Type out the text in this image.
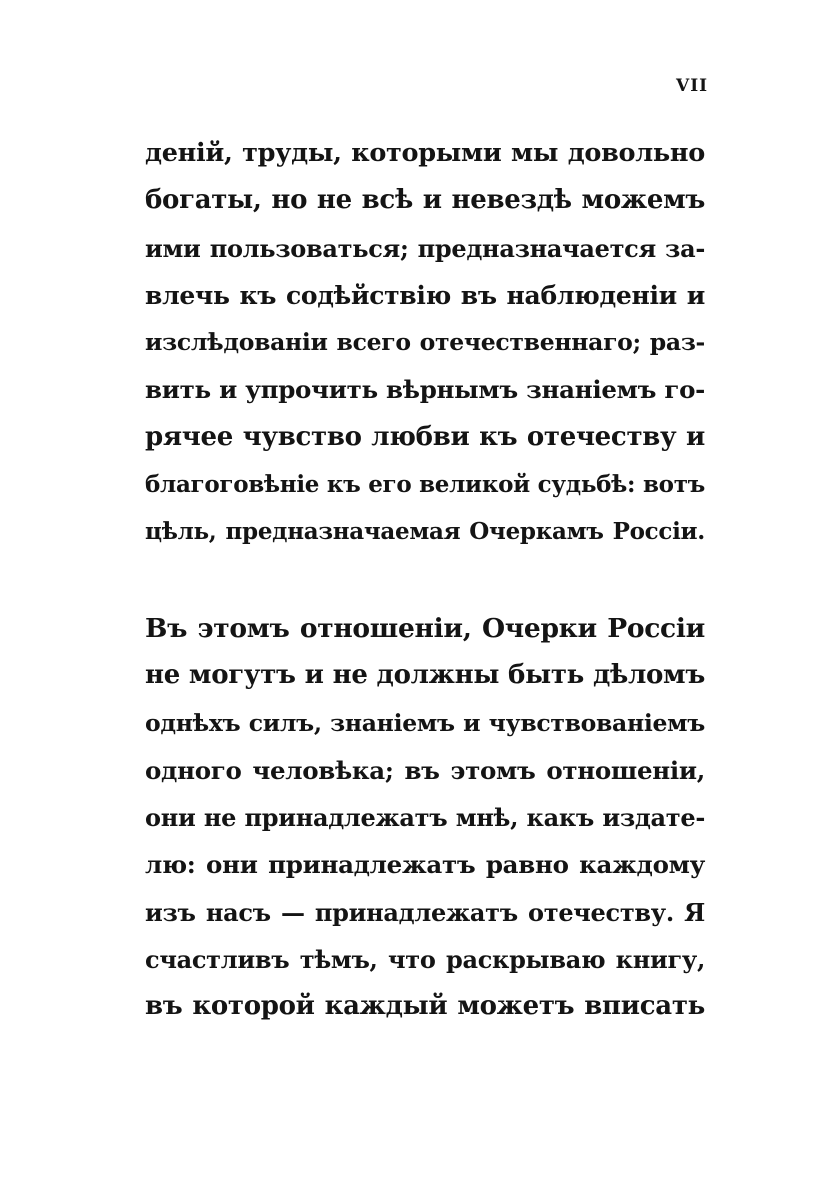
VII
деній, труды, которыми мы довольно
богаты, но не всѣ и невездѣ можемъ
ими пользоваться; предназначается за-
влечь къ содѣйствію въ наблюденіи и
изслѣдованіи всего отечественнаго; раз-
вить и упрочить вѣрнымъ знаніемъ го-
рячее чувство любви къ отечеству и
благоговѣніе къ его великой судьбѣ: вотъ
цѣль, предназначаемая Очеркамъ Россіи.
Въ этомъ отношеніи, Очерки Россіи
не могутъ и не должны быть дѣломъ
однѣхъ силъ, знаніемъ и чувствованіемъ
одного человѣка; въ этомъ отношеніи,
они не принадлежатъ мнѣ, какъ издате-
лю: они принадлежатъ равно каждому
изъ насъ — принадлежатъ отечеству. Я
счастливъ тѣмъ, что раскрываю книгу,
въ которой каждый можетъ вписать
